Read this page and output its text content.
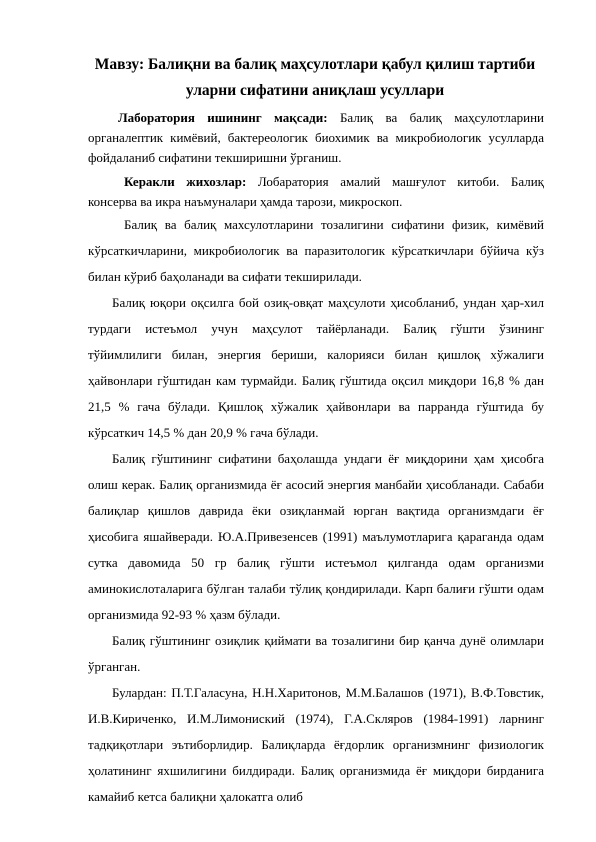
Мавзу: Балиқни ва балиқ маҳсулотлари қабул қилиш тартиби
уларни сифатини аниқлаш усуллари

Лаборатория ишининг мақсади: Балиқ ва балиқ маҳсулотларини органалептик кимёвий, бактереологик биохимик ва микробиологик усулларда фойдаланиб сифатини текширишни ўрганиш.

Керакли жихозлар: Лобаратория амалий машғулот китоби. Балиқ консерва ва икра наъмуналари ҳамда тарози, микроскоп.

Балиқ ва балиқ махсулотларини тозалигини сифатини физик, кимёвий кўрсаткичларини, микробиологик ва паразитологик кўрсаткичлари бўйича кўз билан кўриб баҳоланади ва сифати текширилади.

Балиқ юқори оқсилга бой озиқ-овқат маҳсулоти ҳисобланиб, ундан ҳар-хил турдаги истеъмол учун маҳсулот тайёрланади. Балиқ гўшти ўзининг тўйимлилиги билан, энергия бериши, калорияси билан қишлоқ хўжалиги ҳайвонлари гўштидан кам турмайди. Балиқ гўштида оқсил миқдори 16,8 % дан 21,5 % гача бўлади. Қишлоқ хўжалик ҳайвонлари ва парранда гўштида бу кўрсаткич 14,5 % дан 20,9 % гача бўлади.

Балиқ гўштининг сифатини баҳолашда ундаги ёғ миқдорини ҳам ҳисобга олиш керак. Балиқ организмида ёғ асосий энергия манбайи ҳисобланади. Сабаби балиқлар қишлов даврида ёки озиқланмай юрган вақтида организмдаги ёғ ҳисобига яшайверади. Ю.А.Привезенсев (1991) маълумотларига қараганда одам сутка давомида 50 гр балиқ гўшти истеъмол қилганда одам организми аминокислоталарига бўлган талаби тўлиқ қондирилади. Карп балиғи гўшти одам организмида 92-93 % ҳазм бўлади.

Балиқ гўштининг озиқлик қиймати ва тозалигини бир қанча дунё олимлари ўрганган.

Булардан: П.Т.Галасуна, Н.Н.Харитонов, М.М.Балашов (1971), В.Ф.Товстик, И.В.Кириченко, И.М.Лимониский (1974), Г.А.Скляров (1984-1991) ларнинг тадқиқотлари эътиборлидир. Балиқларда ёғдорлик организмнинг физиологик ҳолатининг яхшилигини билдиради. Балиқ организмида ёғ миқдори бирданига камайиб кетса балиқни ҳалокатга олиб
